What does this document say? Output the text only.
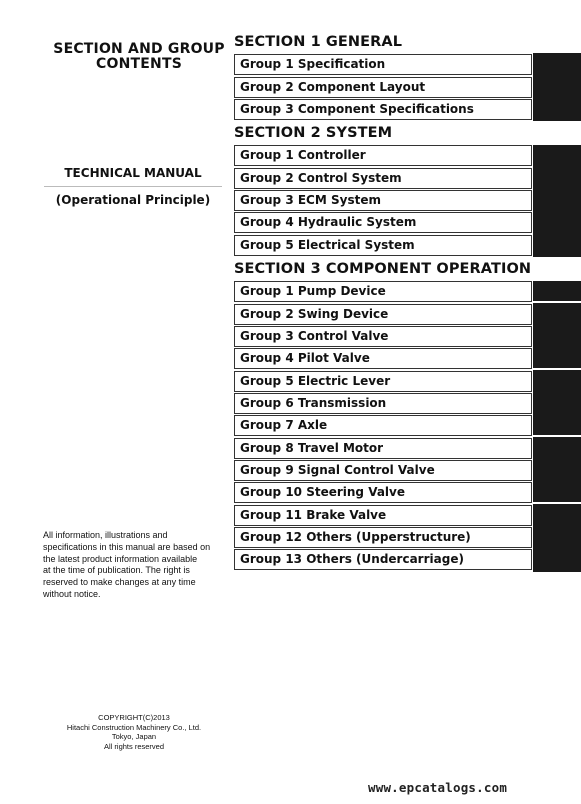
SECTION AND GROUP
CONTENTS
TECHNICAL MANUAL
(Operational Principle)
All information, illustrations and
specifications in this manual are based on
the latest product information available
at the time of publication. The right is
reserved to make changes at any time
without notice.
COPYRIGHT(C)2013
Hitachi Construction Machinery Co., Ltd.
Tokyo, Japan
All rights reserved
SECTION 1 GENERAL
Group 1 Specification
Group 2 Component Layout
Group 3 Component Specifications
SECTION 2 SYSTEM
Group 1 Controller
Group 2 Control System
Group 3 ECM System
Group 4 Hydraulic System
Group 5 Electrical System
SECTION 3 COMPONENT OPERATION
Group 1 Pump Device
Group 2 Swing Device
Group 3 Control Valve
Group 4 Pilot Valve
Group 5 Electric Lever
Group 6 Transmission
Group 7 Axle
Group 8 Travel Motor
Group 9 Signal Control Valve
Group 10 Steering Valve
Group 11 Brake Valve
Group 12 Others (Upperstructure)
Group 13 Others (Undercarriage)
www.epcatalogs.com
